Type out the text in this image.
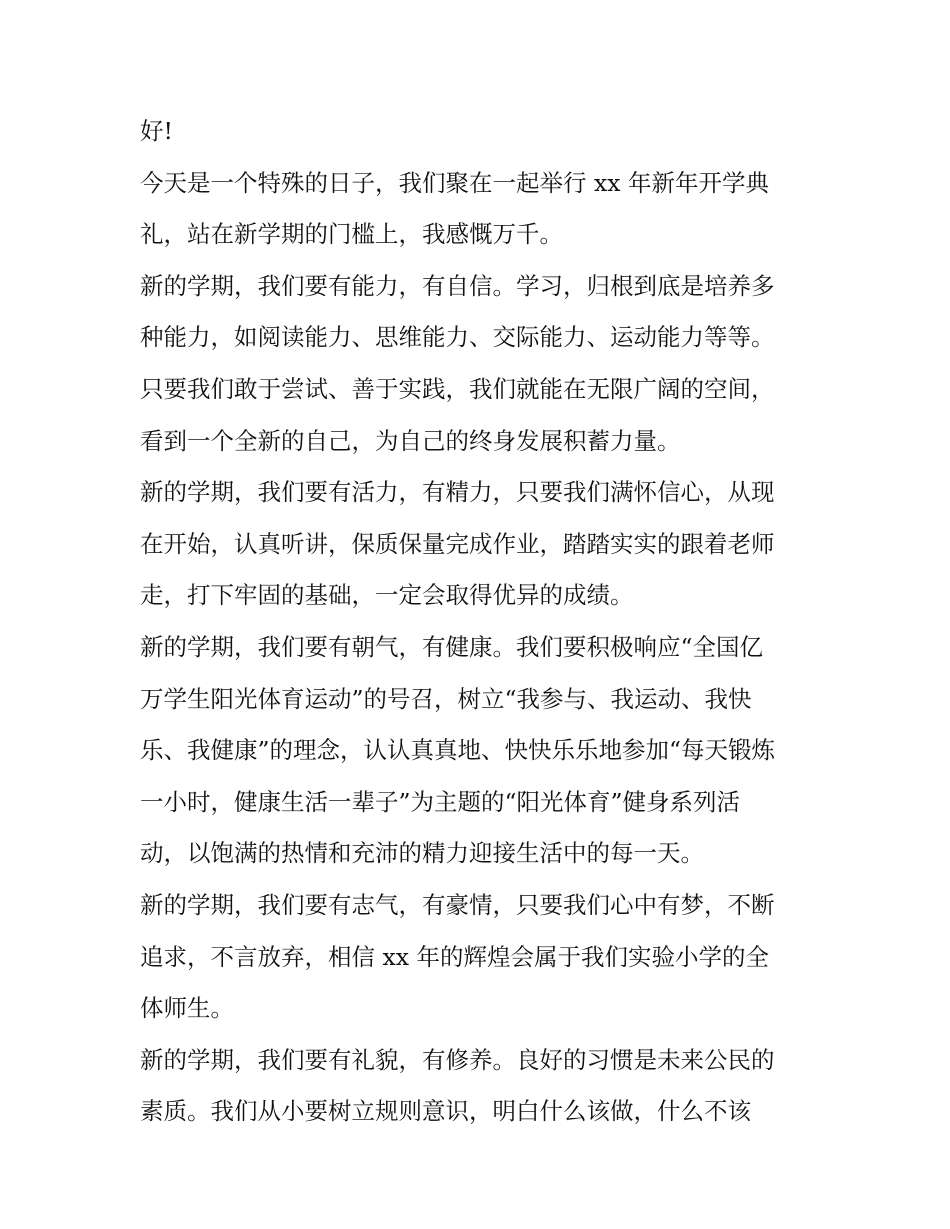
好!
今天是一个特殊的日子，我们聚在一起举行 xx 年新年开学典
礼，站在新学期的门槛上，我感慨万千。
新的学期，我们要有能力，有自信。学习，归根到底是培养多
种能力，如阅读能力、思维能力、交际能力、运动能力等等。
只要我们敢于尝试、善于实践，我们就能在无限广阔的空间，
看到一个全新的自己，为自己的终身发展积蓄力量。
新的学期，我们要有活力，有精力，只要我们满怀信心，从现
在开始，认真听讲，保质保量完成作业，踏踏实实的跟着老师
走，打下牢固的基础，一定会取得优异的成绩。
新的学期，我们要有朝气，有健康。我们要积极响应“全国亿
万学生阳光体育运动”的号召，树立“我参与、我运动、我快
乐、我健康”的理念，认认真真地、快快乐乐地参加“每天锻炼
一小时，健康生活一辈子”为主题的“阳光体育”健身系列活
动，以饱满的热情和充沛的精力迎接生活中的每一天。
新的学期，我们要有志气，有豪情，只要我们心中有梦，不断
追求，不言放弃，相信 xx 年的辉煌会属于我们实验小学的全
体师生。
新的学期，我们要有礼貌，有修养。良好的习惯是未来公民的
素质。我们从小要树立规则意识，明白什么该做，什么不该
